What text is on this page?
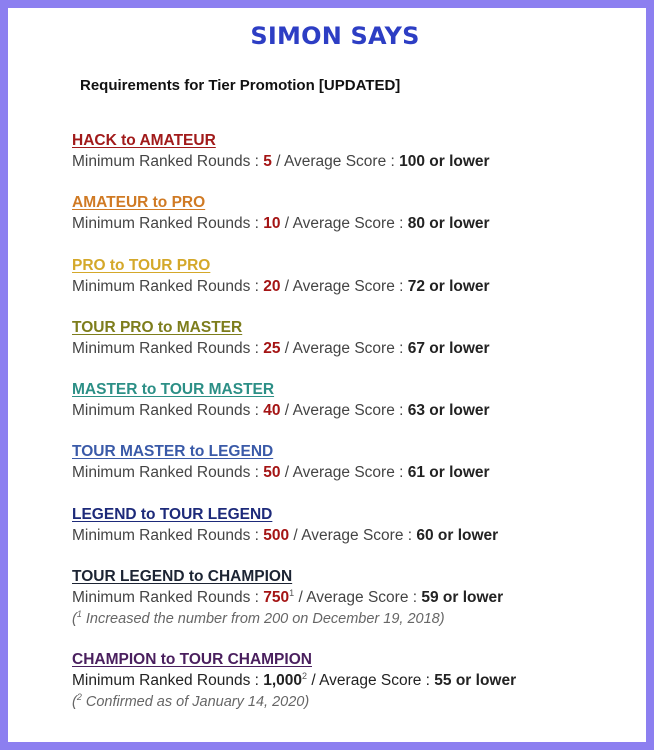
SIMON SAYS
Requirements for Tier Promotion [UPDATED]
HACK to AMATEUR
Minimum Ranked Rounds : 5 / Average Score : 100 or lower
AMATEUR to PRO
Minimum Ranked Rounds : 10 / Average Score : 80 or lower
PRO to TOUR PRO
Minimum Ranked Rounds : 20 / Average Score : 72 or lower
TOUR PRO to MASTER
Minimum Ranked Rounds : 25 / Average Score : 67 or lower
MASTER to TOUR MASTER
Minimum Ranked Rounds : 40 / Average Score : 63 or lower
TOUR MASTER to LEGEND
Minimum Ranked Rounds : 50 / Average Score : 61 or lower
LEGEND to TOUR LEGEND
Minimum Ranked Rounds : 500 / Average Score : 60 or lower
TOUR LEGEND to CHAMPION
Minimum Ranked Rounds : 750$^1$ / Average Score : 59 or lower
($^1$ Increased the number from 200 on December 19, 2018)
CHAMPION to TOUR CHAMPION
Minimum Ranked Rounds : 1,000$^2$ / Average Score : 55 or lower
($^2$ Confirmed as of January 14, 2020)
